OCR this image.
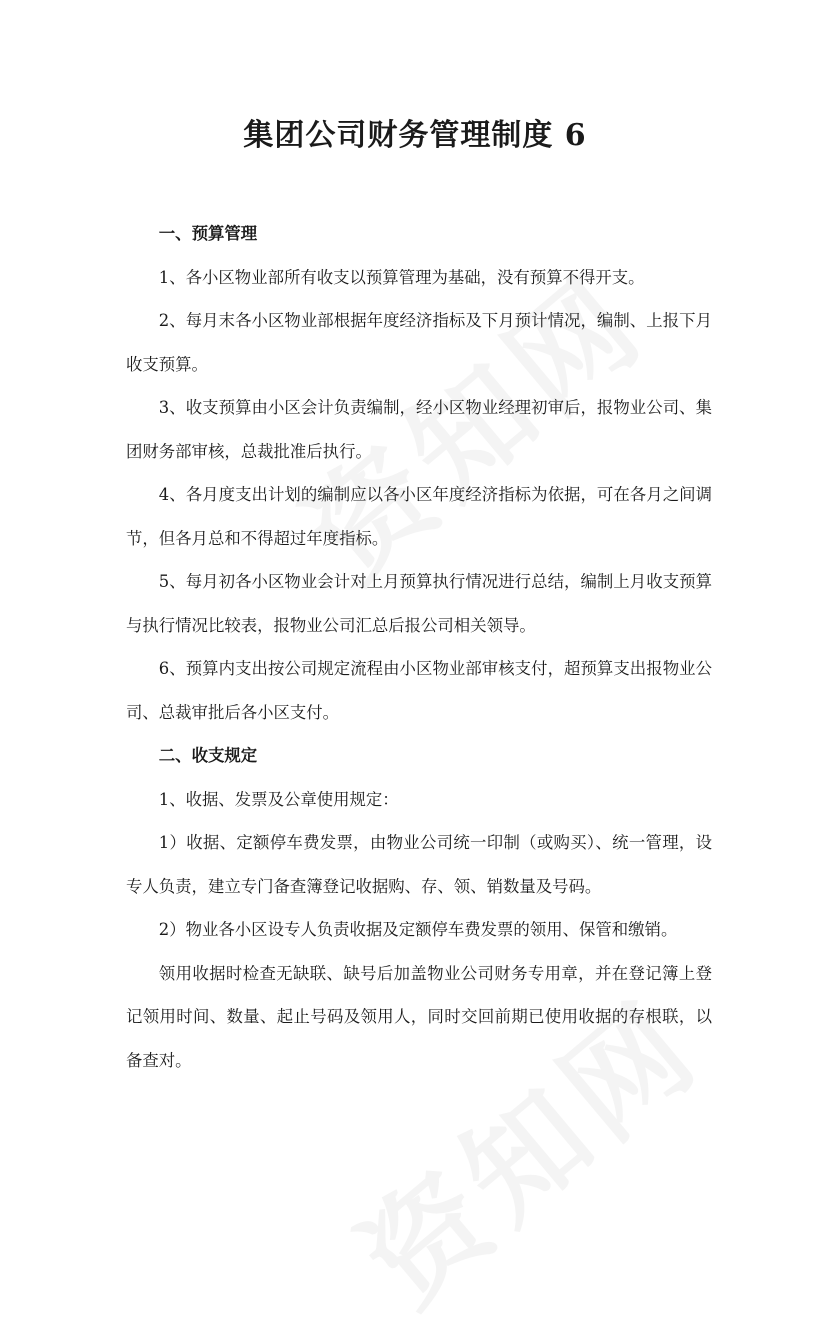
集团公司财务管理制度 6

一、预算管理

1、各小区物业部所有收支以预算管理为基础，没有预算不得开支。

2、每月末各小区物业部根据年度经济指标及下月预计情况，编制、上报下月收支预算。

3、收支预算由小区会计负责编制，经小区物业经理初审后，报物业公司、集团财务部审核，总裁批准后执行。

4、各月度支出计划的编制应以各小区年度经济指标为依据，可在各月之间调节，但各月总和不得超过年度指标。

5、每月初各小区物业会计对上月预算执行情况进行总结，编制上月收支预算与执行情况比较表，报物业公司汇总后报公司相关领导。

6、预算内支出按公司规定流程由小区物业部审核支付，超预算支出报物业公司、总裁审批后各小区支付。

二、收支规定

1、收据、发票及公章使用规定：

1）收据、定额停车费发票，由物业公司统一印制（或购买）、统一管理，设专人负责，建立专门备查簿登记收据购、存、领、销数量及号码。

2）物业各小区设专人负责收据及定额停车费发票的领用、保管和缴销。

领用收据时检查无缺联、缺号后加盖物业公司财务专用章，并在登记簿上登记领用时间、数量、起止号码及领用人，同时交回前期已使用收据的存根联，以备查对。
